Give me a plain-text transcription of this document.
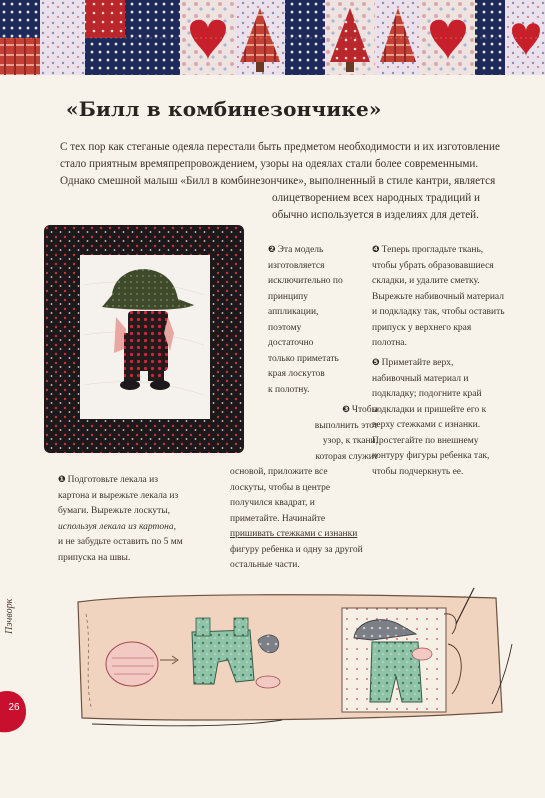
«Билл в комбинезончике»

С тех пор как стеганые одеяла перестали быть предметом необходимости и их изготовление

стало приятным времяпрепровождением, узоры на одеялах стали более современными.

Однако смешной малыш «Билл в комбинезончике», выполненный в стиле кантри, является

олицетворением всех народных традиций и

обычно используется в изделиях для детей.

❷ Эта модель
изготовляется
исключительно по
принципу
аппликации,
поэтому
достаточно
только приметать
края лоскутов
к полотну.
❸ Чтобы
выполнить этот
узор, к ткани,
которая служит
основой, приложите все
лоскуты, чтобы в центре
получился квадрат, и
приметайте. Начинайте
пришивать стежками с изнанки
фигуру ребенка и одну за другой
остальные части.
❹ Теперь прогладьте ткань,
чтобы убрать образовавшиеся
складки, и удалите сметку.
Вырежьте набивочный материал
и подкладку так, чтобы оставить
припуск у верхнего края
полотна.
❺ Приметайте верх,
набивочный материал и
подкладку; подогните край
подкладки и пришейте его к
верху стежками с изнанки.
Простегайте по внешнему
контуру фигуры ребенка так,
чтобы подчеркнуть ее.
❶ Подготовьте лекала из
картона и вырежьте лекала из
бумаги. Вырежьте лоскуты,
используя лекала из картона,
и не забудьте оставить по 5 мм
припуска на швы.
Пэчворк
26
